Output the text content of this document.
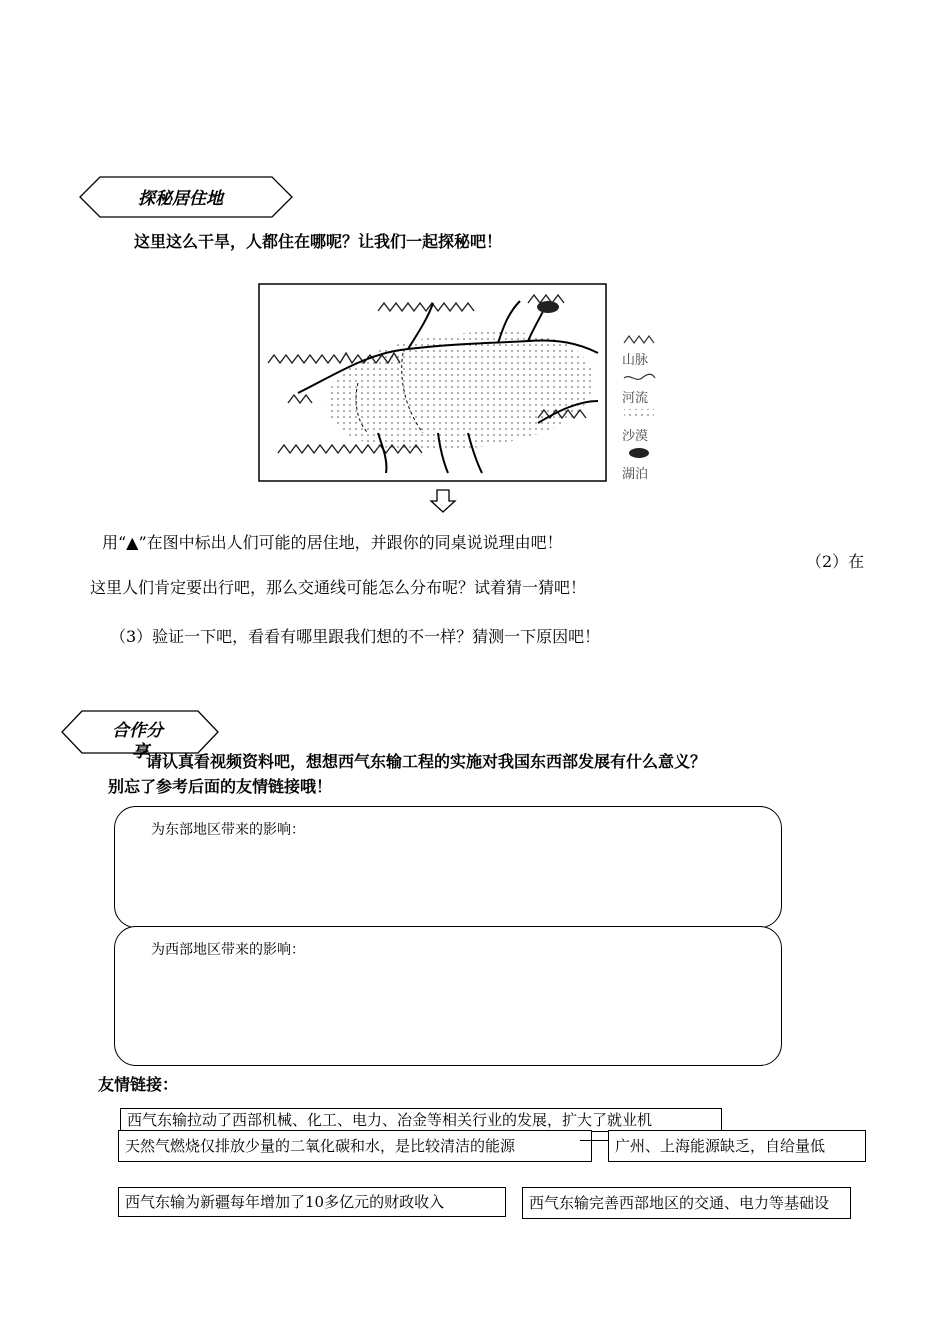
探秘居住地
这里这么干旱，人都住在哪呢？让我们一起探秘吧！
山脉
河流
沙漠
湖泊
用“▲”在图中标出人们可能的居住地，并跟你的同桌说说理由吧！
（2）在
这里人们肯定要出行吧，那么交通线可能怎么分布呢？试着猜一猜吧！
（3）验证一下吧，看看有哪里跟我们想的不一样？猜测一下原因吧！
合作分
享
请认真看视频资料吧，想想西气东输工程的实施对我国东西部发展有什么意义？
别忘了参考后面的友情链接哦！
为东部地区带来的影响：
为西部地区带来的影响：
友情链接：
西气东输拉动了西部机械、化工、电力、冶金等相关行业的发展，扩大了就业机
天然气燃烧仅排放少量的二氧化碳和水，是比较清洁的能源	广州、上海能源缺乏，自给量低
西气东输为新疆每年增加了10多亿元的财政收入	西气东输完善西部地区的交通、电力等基础设
